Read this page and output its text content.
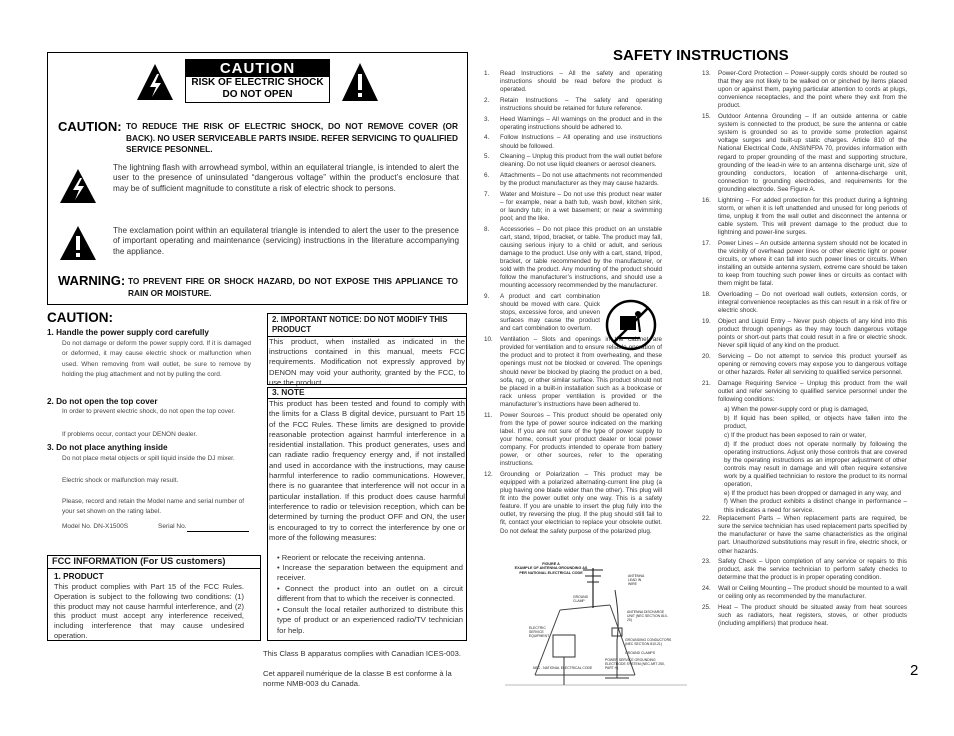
CAUTION
RISK OF ELECTRIC SHOCK
DO NOT OPEN
CAUTION: TO REDUCE THE RISK OF ELECTRIC SHOCK, DO NOT REMOVE COVER (OR BACK). NO USER SERVICEABLE PARTS INSIDE. REFER SERVICING TO QUALIFIED SERVICE PESONNEL.
The lightning flash with arrowhead symbol, within an equilateral triangle, is intended to alert the user to the presence of uninsulated “dangerous voltage” within the product’s enclosure that may be of sufficient magnitude to constitute a risk of electric shock to persons.
The exclamation point within an equilateral triangle is intended to alert the user to the presence of important operating and maintenance (servicing) instructions in the literature accompanying the appliance.
WARNING: TO PREVENT FIRE OR SHOCK HAZARD, DO NOT EXPOSE THIS APPLIANCE TO RAIN OR MOISTURE.
CAUTION:
1. Handle the power supply cord carefully
Do not damage or deform the power supply cord. If it is damaged or deformed, it may cause electric shock or malfunction when used. When removing from wall outlet, be sure to remove by holding the plug attachment and not by pulling the cord.
2. Do not open the top cover
In order to prevent electric shock, do not open the top cover.
If problems occur, contact your DENON dealer.
3. Do not place anything inside
Do not place metal objects or spill liquid inside the DJ mixer.
Electric shock or malfunction may result.
Please, record and retain the Model name and serial number of your set shown on the rating label.
Model No. DN-X1500S	Serial No.
FCC INFORMATION (For US customers)
1. PRODUCT
This product complies with Part 15 of the FCC Rules. Operation is subject to the following two conditions: (1) this product may not cause harmful interference, and (2) this product must accept any interference received, including interference that may cause undesired operation.
2. IMPORTANT NOTICE: DO NOT MODIFY THIS PRODUCT
This product, when installed as indicated in the instructions contained in this manual, meets FCC requirements. Modification not expressly approved by DENON may void your authority, granted by the FCC, to use the product.
3. NOTE
This product has been tested and found to comply with the limits for a Class B digital device, pursuant to Part 15 of the FCC Rules. These limits are designed to provide reasonable protection against harmful interference in a residential installation. This product generates, uses and can radiate radio frequency energy and, if not installed and used in accordance with the instructions, may cause harmful interference to radio communications. However, there is no guarantee that interference will not occur in a particular installation. If this product does cause harmful interference to radio or television reception, which can be determined by turning the product OFF and ON, the user is encouraged to try to correct the interference by one or more of the following measures:
• Reorient or relocate the receiving antenna.
• Increase the separation between the equipment and receiver.
• Connect the product into an outlet on a circuit different from that to which the receiver is connected.
• Consult the local retailer authorized to distribute this type of product or an experienced radio/TV technician for help.
This Class B apparatus complies with Canadian ICES-003.
Cet appareil numérique de la classe B est conforme à la norme NMB-003 du Canada.
SAFETY INSTRUCTIONS
1.	Read Instructions – All the safety and operating instructions should be read before the product is operated.
2.	Retain Instructions – The safety and operating instructions should be retained for future reference.
3.	Heed Warnings – All warnings on the product and in the operating instructions should be adhered to.
4.	Follow Instructions – All operating and use instructions should be followed.
5.	Cleaning – Unplug this product from the wall outlet before cleaning. Do not use liquid cleaners or aerosol cleaners.
6.	Attachments – Do not use attachments not recommended by the product manufacturer as they may cause hazards.
7.	Water and Moisture – Do not use this product near water – for example, near a bath tub, wash bowl, kitchen sink, or laundry tub; in a wet basement; or near a swimming pool; and the like.
8.	Accessories – Do not place this product on an unstable cart, stand, tripod, bracket, or table. The product may fall, causing serious injury to a child or adult, and serious damage to the product. Use only with a cart, stand, tripod, bracket, or table recommended by the manufacturer, or sold with the product. Any mounting of the product should follow the manufacturer’s instructions, and should use a mounting accessory recommended by the manufacturer.
9.	A product and cart combination should be moved with care. Quick stops, excessive force, and uneven surfaces may cause the product and cart combination to overturn.
10.	Ventilation – Slots and openings in the cabinet are provided for ventilation and to ensure reliable operation of the product and to protect it from overheating, and these openings must not be blocked or covered. The openings should never be blocked by placing the product on a bed, sofa, rug, or other similar surface. This product should not be placed in a built-in installation such as a bookcase or rack unless proper ventilation is provided or the manufacturer’s instructions have been adhered to.
11.	Power Sources – This product should be operated only from the type of power source indicated on the marking label. If you are not sure of the type of power supply to your home, consult your product dealer or local power company. For products intended to operate from battery power, or other sources, refer to the operating instructions.
12.	Grounding or Polarization – This product may be equipped with a polarized alternating-current line plug (a plug having one blade wider than the other). This plug will fit into the power outlet only one way. This is a safety feature. If you are unable to insert the plug fully into the outlet, try reversing the plug. If the plug should still fail to fit, contact your electrician to replace your obsolete outlet. Do not defeat the safety purpose of the polarized plug.
13.	Power-Cord Protection – Power-supply cords should be routed so that they are not likely to be walked on or pinched by items placed upon or against them, paying particular attention to cords at plugs, convenience receptacles, and the point where they exit from the product.
15.	Outdoor Antenna Grounding – If an outside antenna or cable system is connected to the product, be sure the antenna or cable system is grounded so as to provide some protection against voltage surges and built-up static charges. Article 810 of the National Electrical Code, ANSI/NFPA 70, provides information with regard to proper grounding of the mast and supporting structure, grounding of the lead-in wire to an antenna discharge unit, size of grounding conductors, location of antenna-discharge unit, connection to grounding electrodes, and requirements for the grounding electrode. See Figure A.
16.	Lightning – For added protection for this product during a lightning storm, or when it is left unattended and unused for long periods of time, unplug it from the wall outlet and disconnect the antenna or cable system. This will prevent damage to the product due to lightning and power-line surges.
17.	Power Lines – An outside antenna system should not be located in the vicinity of overhead power lines or other electric light or power circuits, or where it can fall into such power lines or circuits. When installing an outside antenna system, extreme care should be taken to keep from touching such power lines or circuits as contact with them might be fatal.
18.	Overloading – Do not overload wall outlets, extension cords, or integral convenience receptacles as this can result in a risk of fire or electric shock.
19.	Object and Liquid Entry – Never push objects of any kind into this product through openings as they may touch dangerous voltage points or short-out parts that could result in a fire or electric shock. Never spill liquid of any kind on the product.
20.	Servicing – Do not attempt to service this product yourself as opening or removing covers may expose you to dangerous voltage or other hazards. Refer all servicing to qualified service personnel.
21.	Damage Requiring Service – Unplug this product from the wall outlet and refer servicing to qualified service personnel under the following conditions:
a) When the power-supply cord or plug is damaged,
b) If liquid has been spilled, or objects have fallen into the product,
c) If the product has been exposed to rain or water,
d) If the product does not operate normally by following the operating instructions. Adjust only those controls that are covered by the operating instructions as an improper adjustment of other controls may result in damage and will often require extensive work by a qualified technician to restore the product to its normal operation,
e) If the product has been dropped or damaged in any way, and
f) When the product exhibits a distinct change in performance – this indicates a need for service.
22.	Replacement Parts – When replacement parts are required, be sure the service technician has used replacement parts specified by the manufacturer or have the same characteristics as the original part. Unauthorized substitutions may result in fire, electric shock, or other hazards.
23.	Safety Check – Upon completion of any service or repairs to this product, ask the service technician to perform safety checks to determine that the product is in proper operating condition.
24.	Wall or Ceiling Mounting – The product should be mounted to a wall or ceiling only as recommended by the manufacturer.
25.	Heat – The product should be situated away from heat sources such as radiators, heat registers, stoves, or other products (including amplifiers) that produce heat.
FIGURE A
EXAMPLE OF ANTENNA GROUNDING AS PER NATIONAL ELECTRICAL CODE
ANTENNA LEAD IN WIRE
GROUND CLAMP
ANTENNA DISCHARGE UNIT (NEC SECTION 810-20)
ELECTRIC SERVICE EQUIPMENT
GROUNDING CONDUCTORS (NEC SECTION 810-21)
GROUND CLAMPS
POWER SERVICE GROUNDING ELECTRODE SYSTEM (NEC ART 250, PART H)
NEC - NATIONAL ELECTRICAL CODE	2
